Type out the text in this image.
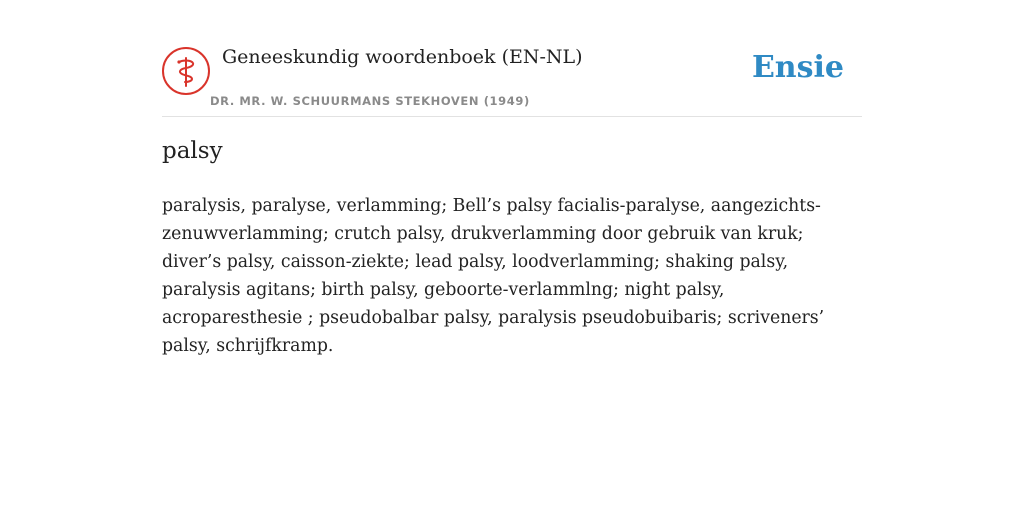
Geneeskundig woordenboek (EN-NL)
DR. MR. W. SCHUURMANS STEKHOVEN (1949)
Ensie
palsy

paralysis, paralyse, verlamming; Bell’s palsy facialis-paralyse, aangezichts-zenuwverlamming; crutch palsy, drukverlamming door gebruik van kruk; diver’s palsy, caisson-ziekte; lead palsy, loodverlamming; shaking palsy, paralysis agitans; birth palsy, geboorte-verlammlng; night palsy, acroparesthesie ; pseudobalbar palsy, paralysis pseudobuibaris; scriveners’ palsy, schrijfkramp.
